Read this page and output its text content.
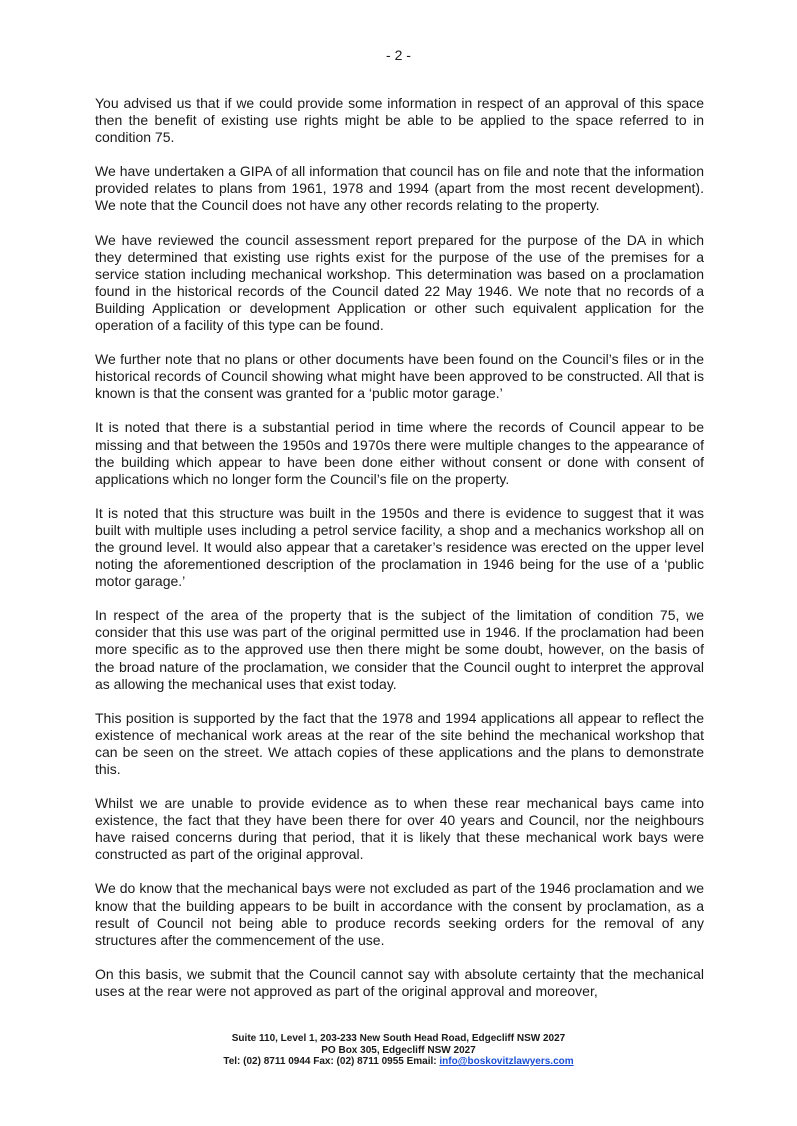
- 2 -

You advised us that if we could provide some information in respect of an approval of this space then the benefit of existing use rights might be able to be applied to the space referred to in condition 75.

We have undertaken a GIPA of all information that council has on file and note that the information provided relates to plans from 1961, 1978 and 1994 (apart from the most recent development). We note that the Council does not have any other records relating to the property.

We have reviewed the council assessment report prepared for the purpose of the DA in which they determined that existing use rights exist for the purpose of the use of the premises for a service station including mechanical workshop. This determination was based on a proclamation found in the historical records of the Council dated 22 May 1946. We note that no records of a Building Application or development Application or other such equivalent application for the operation of a facility of this type can be found.

We further note that no plans or other documents have been found on the Council’s files or in the historical records of Council showing what might have been approved to be constructed. All that is known is that the consent was granted for a ‘public motor garage.’

It is noted that there is a substantial period in time where the records of Council appear to be missing and that between the 1950s and 1970s there were multiple changes to the appearance of the building which appear to have been done either without consent or done with consent of applications which no longer form the Council’s file on the property.

It is noted that this structure was built in the 1950s and there is evidence to suggest that it was built with multiple uses including a petrol service facility, a shop and a mechanics workshop all on the ground level. It would also appear that a caretaker’s residence was erected on the upper level noting the aforementioned description of the proclamation in 1946 being for the use of a ‘public motor garage.’

In respect of the area of the property that is the subject of the limitation of condition 75, we consider that this use was part of the original permitted use in 1946. If the proclamation had been more specific as to the approved use then there might be some doubt, however, on the basis of the broad nature of the proclamation, we consider that the Council ought to interpret the approval as allowing the mechanical uses that exist today.

This position is supported by the fact that the 1978 and 1994 applications all appear to reflect the existence of mechanical work areas at the rear of the site behind the mechanical workshop that can be seen on the street. We attach copies of these applications and the plans to demonstrate this.

Whilst we are unable to provide evidence as to when these rear mechanical bays came into existence, the fact that they have been there for over 40 years and Council, nor the neighbours have raised concerns during that period, that it is likely that these mechanical work bays were constructed as part of the original approval.

We do know that the mechanical bays were not excluded as part of the 1946 proclamation and we know that the building appears to be built in accordance with the consent by proclamation, as a result of Council not being able to produce records seeking orders for the removal of any structures after the commencement of the use.

On this basis, we submit that the Council cannot say with absolute certainty that the mechanical uses at the rear were not approved as part of the original approval and moreover,

Suite 110, Level 1, 203-233 New South Head Road, Edgecliff NSW 2027
PO Box 305, Edgecliff NSW 2027
Tel: (02) 8711 0944 Fax: (02) 8711 0955 Email: info@boskovitzlawyers.com
